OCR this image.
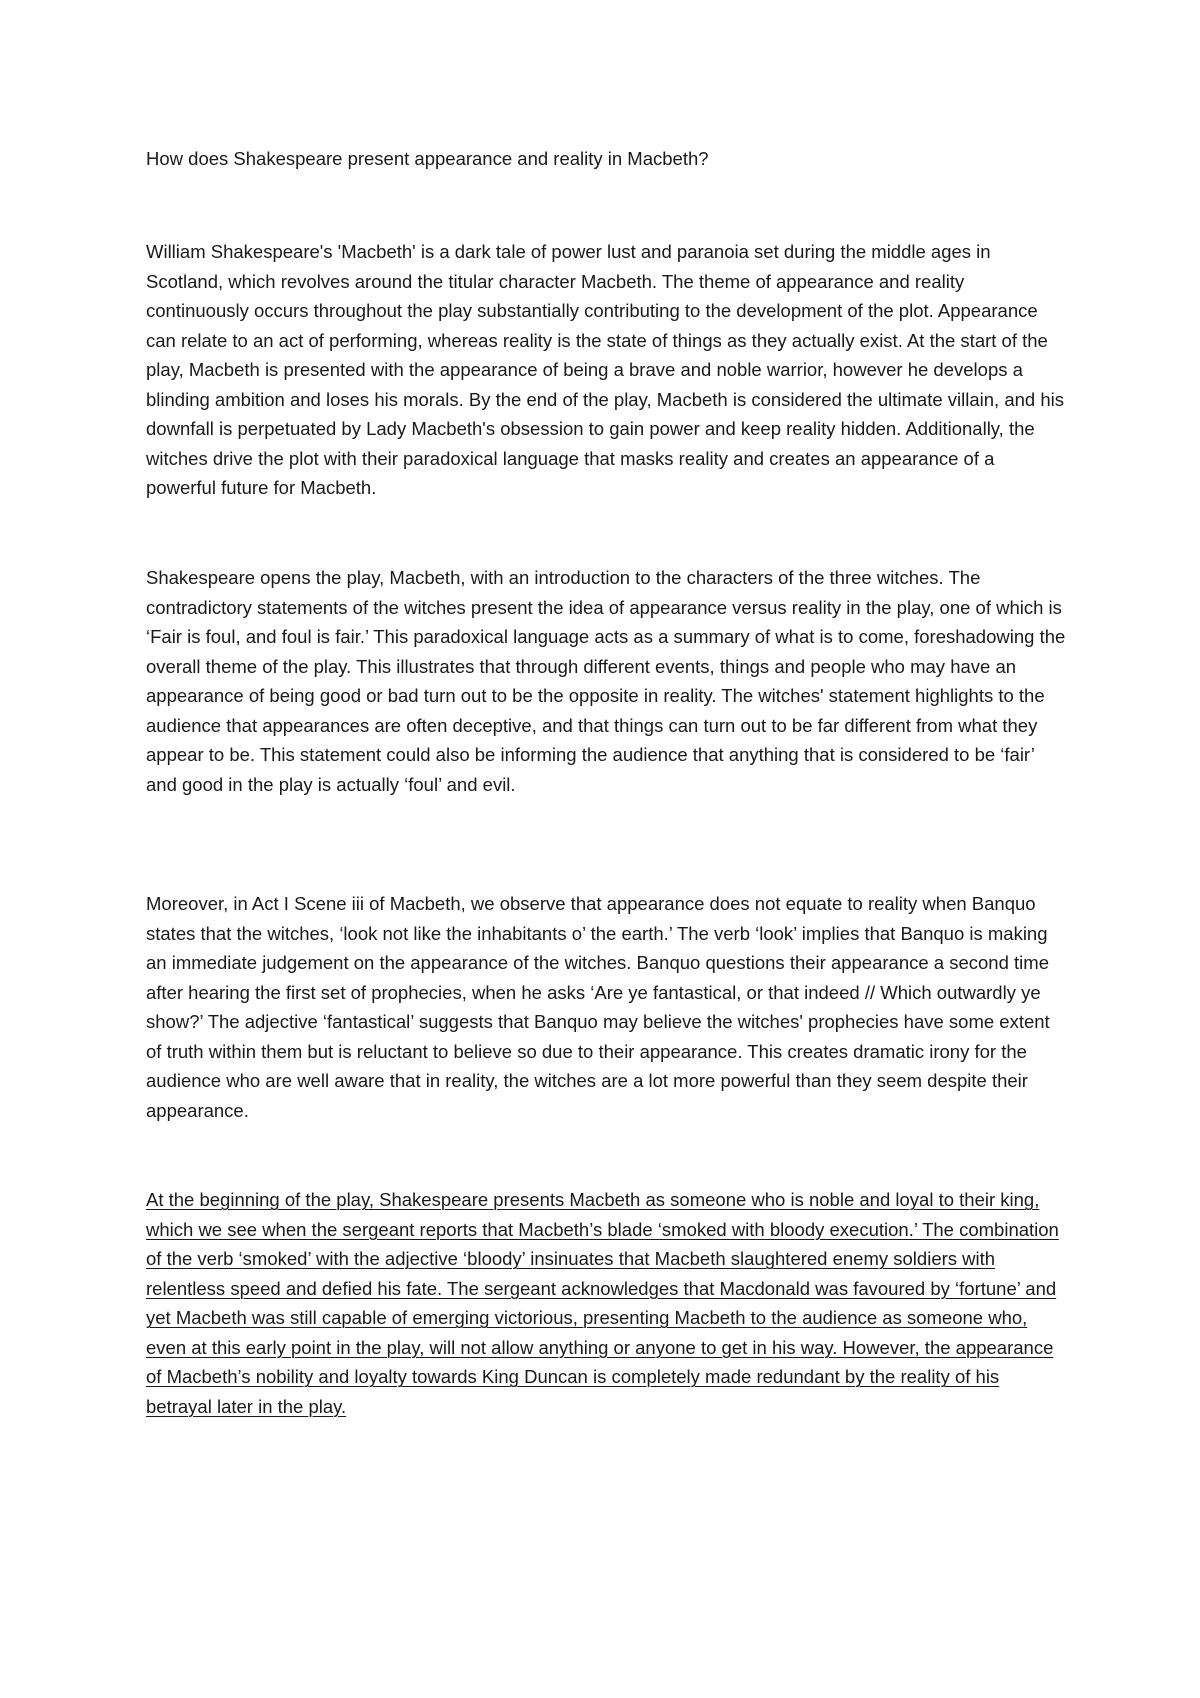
How does Shakespeare present appearance and reality in Macbeth?

William Shakespeare's 'Macbeth' is a dark tale of power lust and paranoia set during the middle ages in Scotland, which revolves around the titular character Macbeth. The theme of appearance and reality continuously occurs throughout the play substantially contributing to the development of the plot. Appearance can relate to an act of performing, whereas reality is the state of things as they actually exist. At the start of the play, Macbeth is presented with the appearance of being a brave and noble warrior, however he develops a blinding ambition and loses his morals. By the end of the play, Macbeth is considered the ultimate villain, and his downfall is perpetuated by Lady Macbeth's obsession to gain power and keep reality hidden. Additionally, the witches drive the plot with their paradoxical language that masks reality and creates an appearance of a powerful future for Macbeth.

Shakespeare opens the play, Macbeth, with an introduction to the characters of the three witches. The contradictory statements of the witches present the idea of appearance versus reality in the play, one of which is ‘Fair is foul, and foul is fair.’ This paradoxical language acts as a summary of what is to come, foreshadowing the overall theme of the play. This illustrates that through different events, things and people who may have an appearance of being good or bad turn out to be the opposite in reality. The witches' statement highlights to the audience that appearances are often deceptive, and that things can turn out to be far different from what they appear to be. This statement could also be informing the audience that anything that is considered to be ‘fair’ and good in the play is actually ‘foul’ and evil.

Moreover, in Act I Scene iii of Macbeth, we observe that appearance does not equate to reality when Banquo states that the witches, ‘look not like the inhabitants o’ the earth.’ The verb ‘look’ implies that Banquo is making an immediate judgement on the appearance of the witches. Banquo questions their appearance a second time after hearing the first set of prophecies, when he asks ‘Are ye fantastical, or that indeed // Which outwardly ye show?’ The adjective ‘fantastical’ suggests that Banquo may believe the witches' prophecies have some extent of truth within them but is reluctant to believe so due to their appearance. This creates dramatic irony for the audience who are well aware that in reality, the witches are a lot more powerful than they seem despite their appearance.

At the beginning of the play, Shakespeare presents Macbeth as someone who is noble and loyal to their king, which we see when the sergeant reports that Macbeth’s blade ‘smoked with bloody execution.’ The combination of the verb ‘smoked’ with the adjective ‘bloody’ insinuates that Macbeth slaughtered enemy soldiers with relentless speed and defied his fate. The sergeant acknowledges that Macdonald was favoured by ‘fortune’ and yet Macbeth was still capable of emerging victorious, presenting Macbeth to the audience as someone who, even at this early point in the play, will not allow anything or anyone to get in his way. However, the appearance of Macbeth’s nobility and loyalty towards King Duncan is completely made redundant by the reality of his betrayal later in the play.
